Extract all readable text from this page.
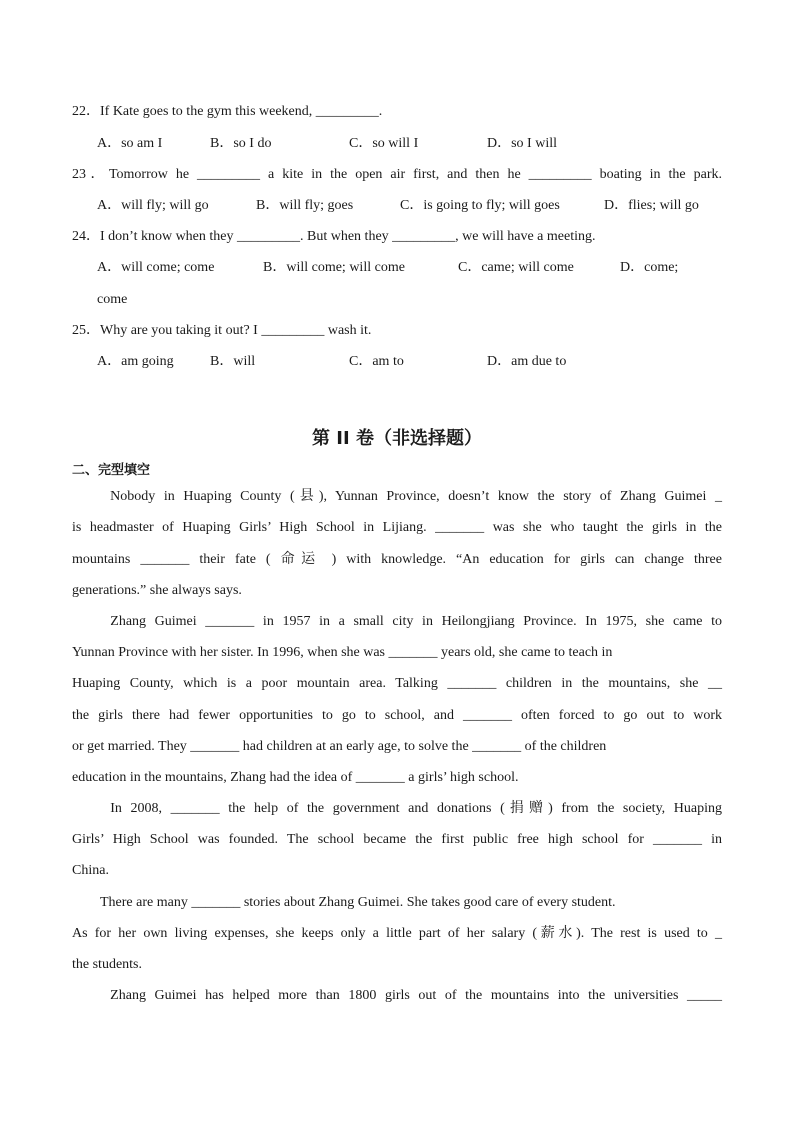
22．If Kate goes to the gym this weekend, _________.
A．so am I	B．so I do	C．so will I	D．so I will
23．Tomorrow he _________ a kite in the open air first, and then he _________ boating in the park.
A．will fly; will go	B．will fly; goes	C．is going to fly; will goes	D．flies; will go
24．I don’t know when they _________. But when they _________, we will have a meeting.
A．will come; come	B．will come; will come	C．came; will come	D．come;
come
25．Why are you taking it out? I _________ wash it.
A．am going	B．will	C．am to	D．am due to
第 II 卷（非选择题）
二、完型填空
　　Nobody in Huaping County (县), Yunnan Province, doesn’t know the story of Zhang Guimei _
is headmaster of Huaping Girls’ High School in Lijiang. _______ was she who taught the girls in the
mountains _______ their fate ( 命运 ) with knowledge. “An education for girls can change three
generations.” she always says.
　　Zhang Guimei _______ in 1957 in a small city in Heilongjiang Province. In 1975, she came to
Yunnan Province with her sister. In 1996, when she was _______ years old, she came to teach in
Huaping County, which is a poor mountain area. Talking _______ children in the mountains, she __
the girls there had fewer opportunities to go to school, and _______ often forced to go out to work
or get married. They _______ had children at an early age, to solve the _______ of the children
education in the mountains, Zhang had the idea of _______ a girls’ high school.
　　In 2008, _______ the help of the government and donations (捐赠) from the society, Huaping
Girls’ High School was founded. The school became the first public free high school for _______ in
China.
　　There are many _______ stories about Zhang Guimei. She takes good care of every student.
As for her own living expenses, she keeps only a little part of her salary (薪水). The rest is used to _
the students.
　　Zhang Guimei has helped more than 1800 girls out of the mountains into the universities _____
